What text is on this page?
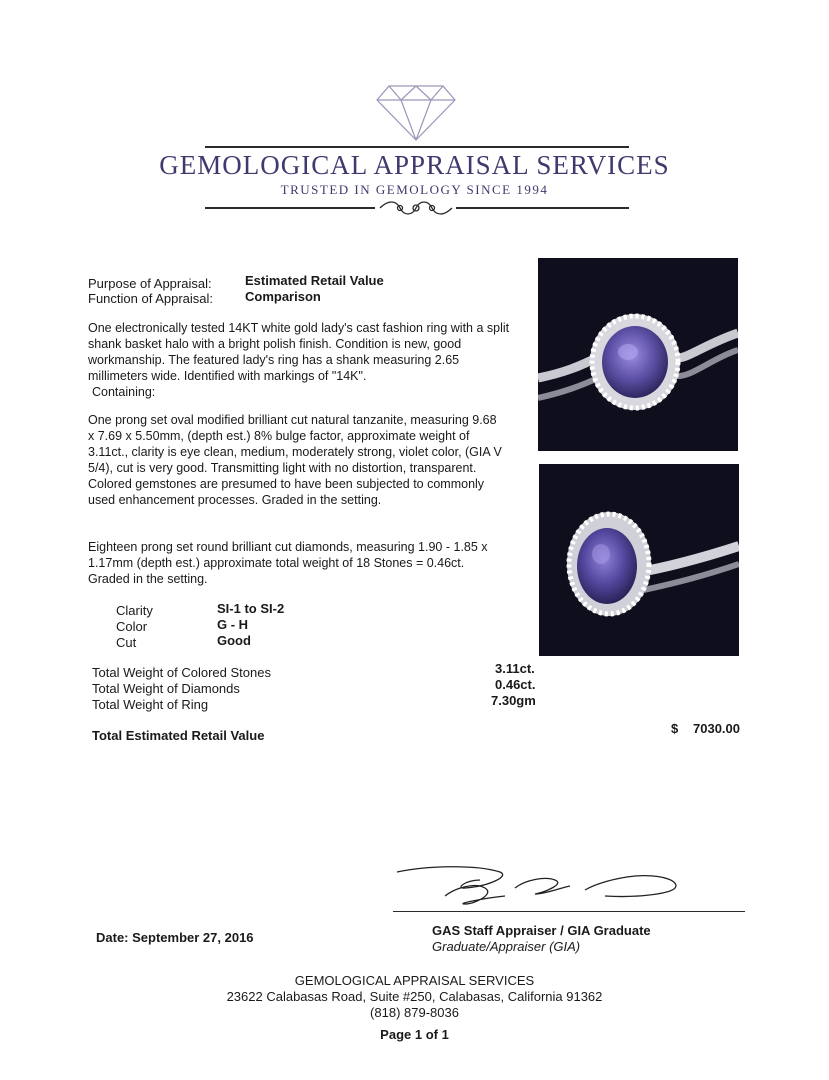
GEMOLOGICAL APPRAISAL SERVICES
TRUSTED IN GEMOLOGY SINCE 1994
Purpose of Appraisal:	Estimated Retail Value
Function of Appraisal: Comparison
One electronically tested 14KT white gold lady's cast fashion ring with a split shank basket halo with a bright polish finish. Condition is new, good workmanship. The featured lady's ring has a shank measuring 2.65 millimeters wide. Identified with markings of "14K".
Containing:
One prong set oval modified brilliant cut natural tanzanite, measuring 9.68 x 7.69 x 5.50mm, (depth est.) 8% bulge factor, approximate weight of 3.11ct., clarity is eye clean, medium, moderately strong, violet color, (GIA V 5/4), cut is very good. Transmitting light with no distortion, transparent. Colored gemstones are presumed to have been subjected to commonly used enhancement processes. Graded in the setting.
Eighteen prong set round brilliant cut diamonds, measuring 1.90 - 1.85 x 1.17mm (depth est.) approximate total weight of 18 Stones = 0.46ct. Graded in the setting.
Clarity	SI-1 to SI-2
Color	G - H
Cut	Good
Total Weight of Colored Stones	3.11ct.
Total Weight of Diamonds	0.46ct.
Total Weight of Ring	7.30gm
Total Estimated Retail Value	$ 7030.00
Date: September 27, 2016	GAS Staff Appraiser / GIA Graduate
Graduate/Appraiser (GIA)
GEMOLOGICAL APPRAISAL SERVICES
23622 Calabasas Road, Suite #250, Calabasas, California 91362
(818) 879-8036
Page 1 of 1
